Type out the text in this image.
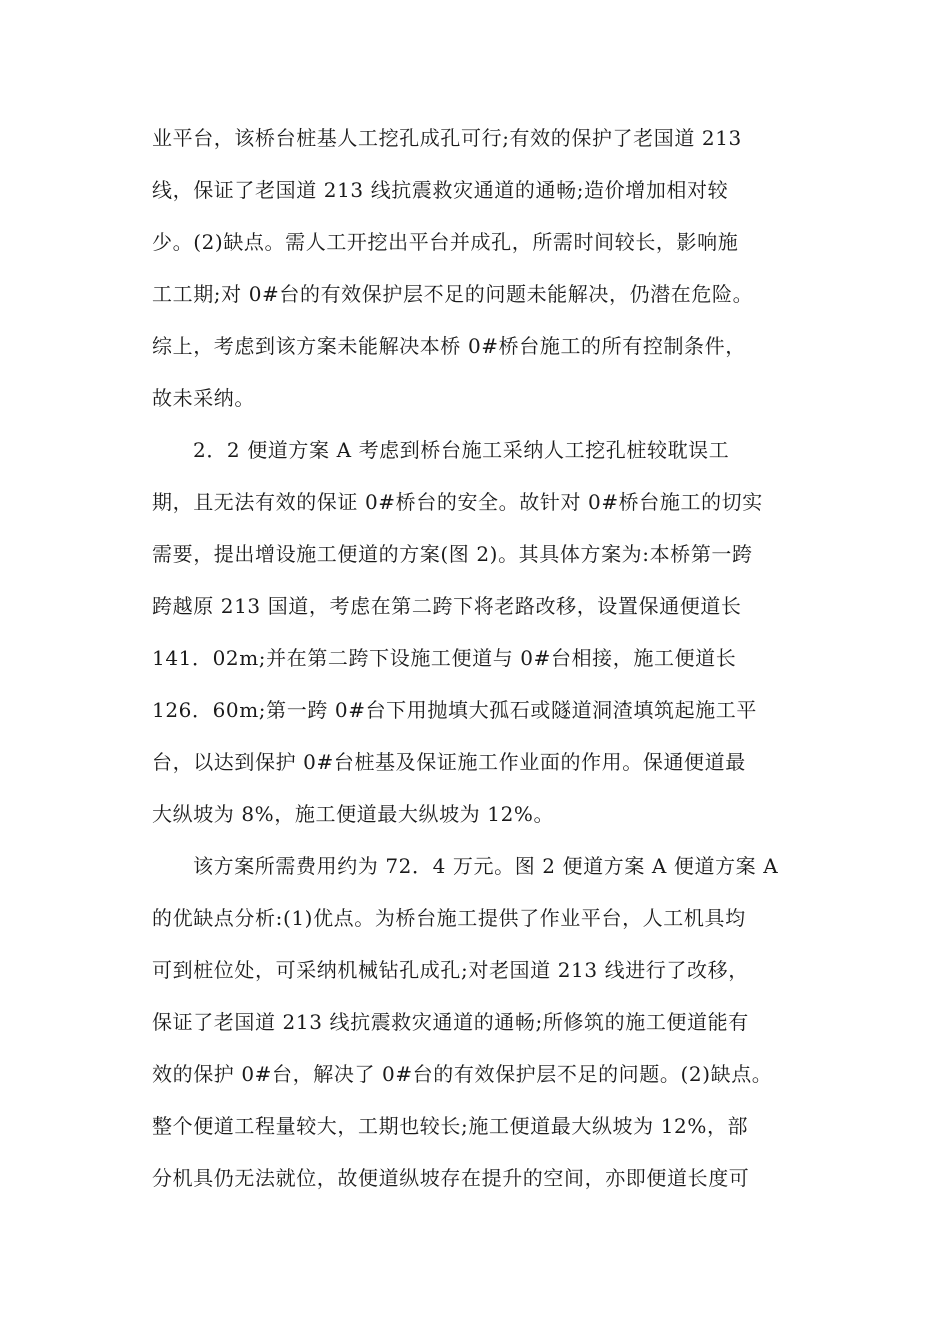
业平台，该桥台桩基人工挖孔成孔可行;有效的保护了老国道 213
线，保证了老国道 213 线抗震救灾通道的通畅;造价增加相对较
少。(2)缺点。需人工开挖出平台并成孔，所需时间较长，影响施
工工期;对 0#台的有效保护层不足的问题未能解决，仍潜在危险。
综上，考虑到该方案未能解决本桥 0#桥台施工的所有控制条件，
故未采纳。
2．2 便道方案 A 考虑到桥台施工采纳人工挖孔桩较耽误工
期，且无法有效的保证 0#桥台的安全。故针对 0#桥台施工的切实
需要，提出增设施工便道的方案(图 2)。其具体方案为:本桥第一跨
跨越原 213 国道，考虑在第二跨下将老路改移，设置保通便道长
141．02m;并在第二跨下设施工便道与 0#台相接，施工便道长
126．60m;第一跨 0#台下用抛填大孤石或隧道洞渣填筑起施工平
台，以达到保护 0#台桩基及保证施工作业面的作用。保通便道最
大纵坡为 8%，施工便道最大纵坡为 12%。
该方案所需费用约为 72．4 万元。图 2 便道方案 A 便道方案 A
的优缺点分析:(1)优点。为桥台施工提供了作业平台，人工机具均
可到桩位处，可采纳机械钻孔成孔;对老国道 213 线进行了改移，
保证了老国道 213 线抗震救灾通道的通畅;所修筑的施工便道能有
效的保护 0#台，解决了 0#台的有效保护层不足的问题。(2)缺点。
整个便道工程量较大，工期也较长;施工便道最大纵坡为 12%，部
分机具仍无法就位，故便道纵坡存在提升的空间，亦即便道长度可
